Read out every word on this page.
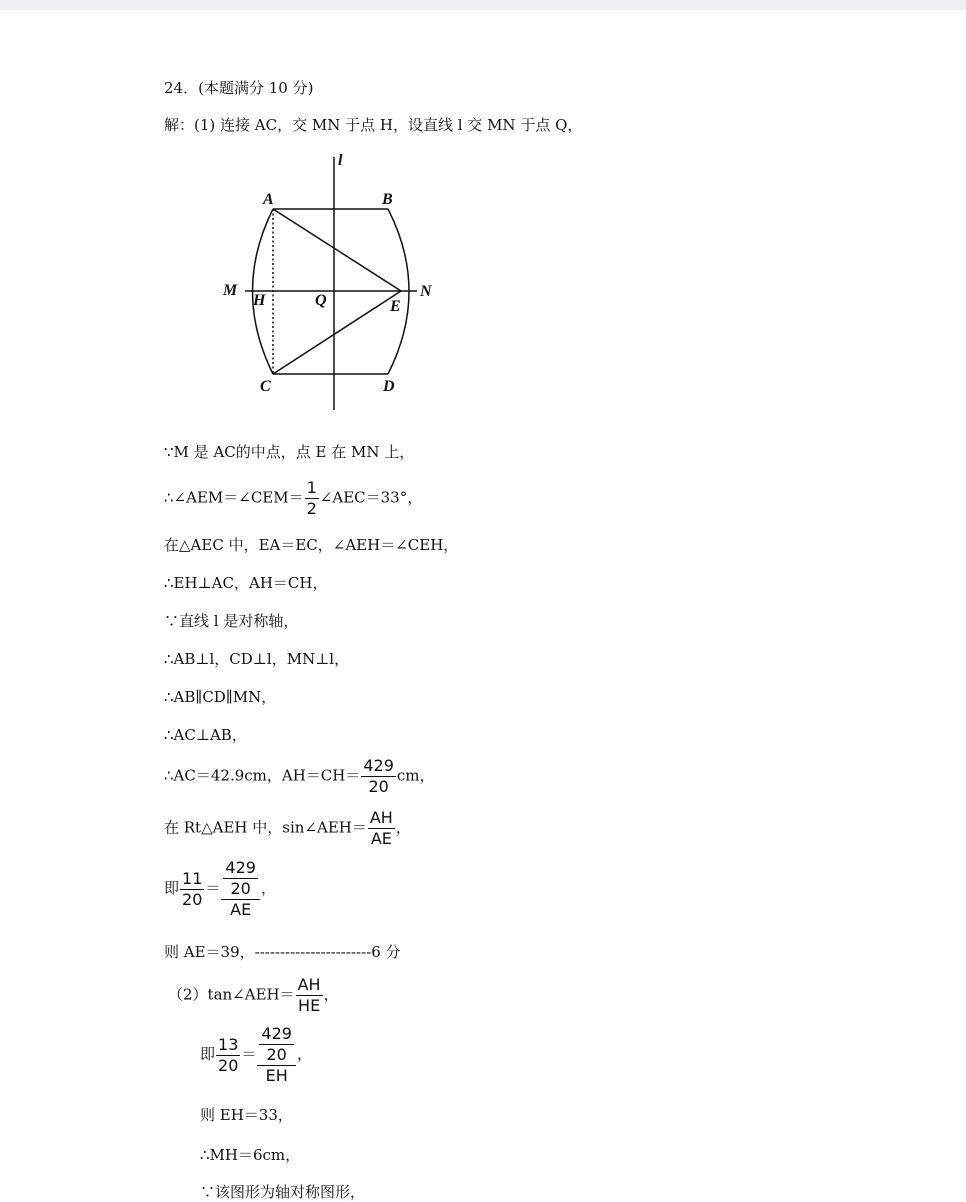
24．(本题满分 10 分)
解：(1) 连接 AC，交 MN 于点 H，设直线 l 交 MN 于点 Q，
l
A	B
M
H	Q	E
N
C	D
∵M 是 AC的中点，点 E 在 MN 上，
∴∠AEM＝∠CEM＝ $\frac{1}{2}$ ∠AEC＝33°，
在△AEC 中，EA＝EC，∠AEH＝∠CEH，
∴EH⊥AC，AH＝CH，
∵直线 l 是对称轴，
∴AB⊥l，CD⊥l，MN⊥l，
∴AB∥CD∥MN，
∴AC⊥AB，
∴AC＝42.9cm，$AH=CH= \frac{429}{20}$ cm，
在 Rt△AEH 中，sin∠AEH＝ $\frac{AH}{AE}$ ，
即 $\frac{11}{20} = \frac{\frac{429}{20}}{AE}$ ，
则 AE＝39，-----------------------6 分
（2）tan∠AEH＝ $\frac{AH}{HE}$ ，
即 $\frac{13}{20} = \frac{\frac{429}{20}}{EH}$ ，
则 EH＝33，
∴MH＝6cm，
∵该图形为轴对称图形，
